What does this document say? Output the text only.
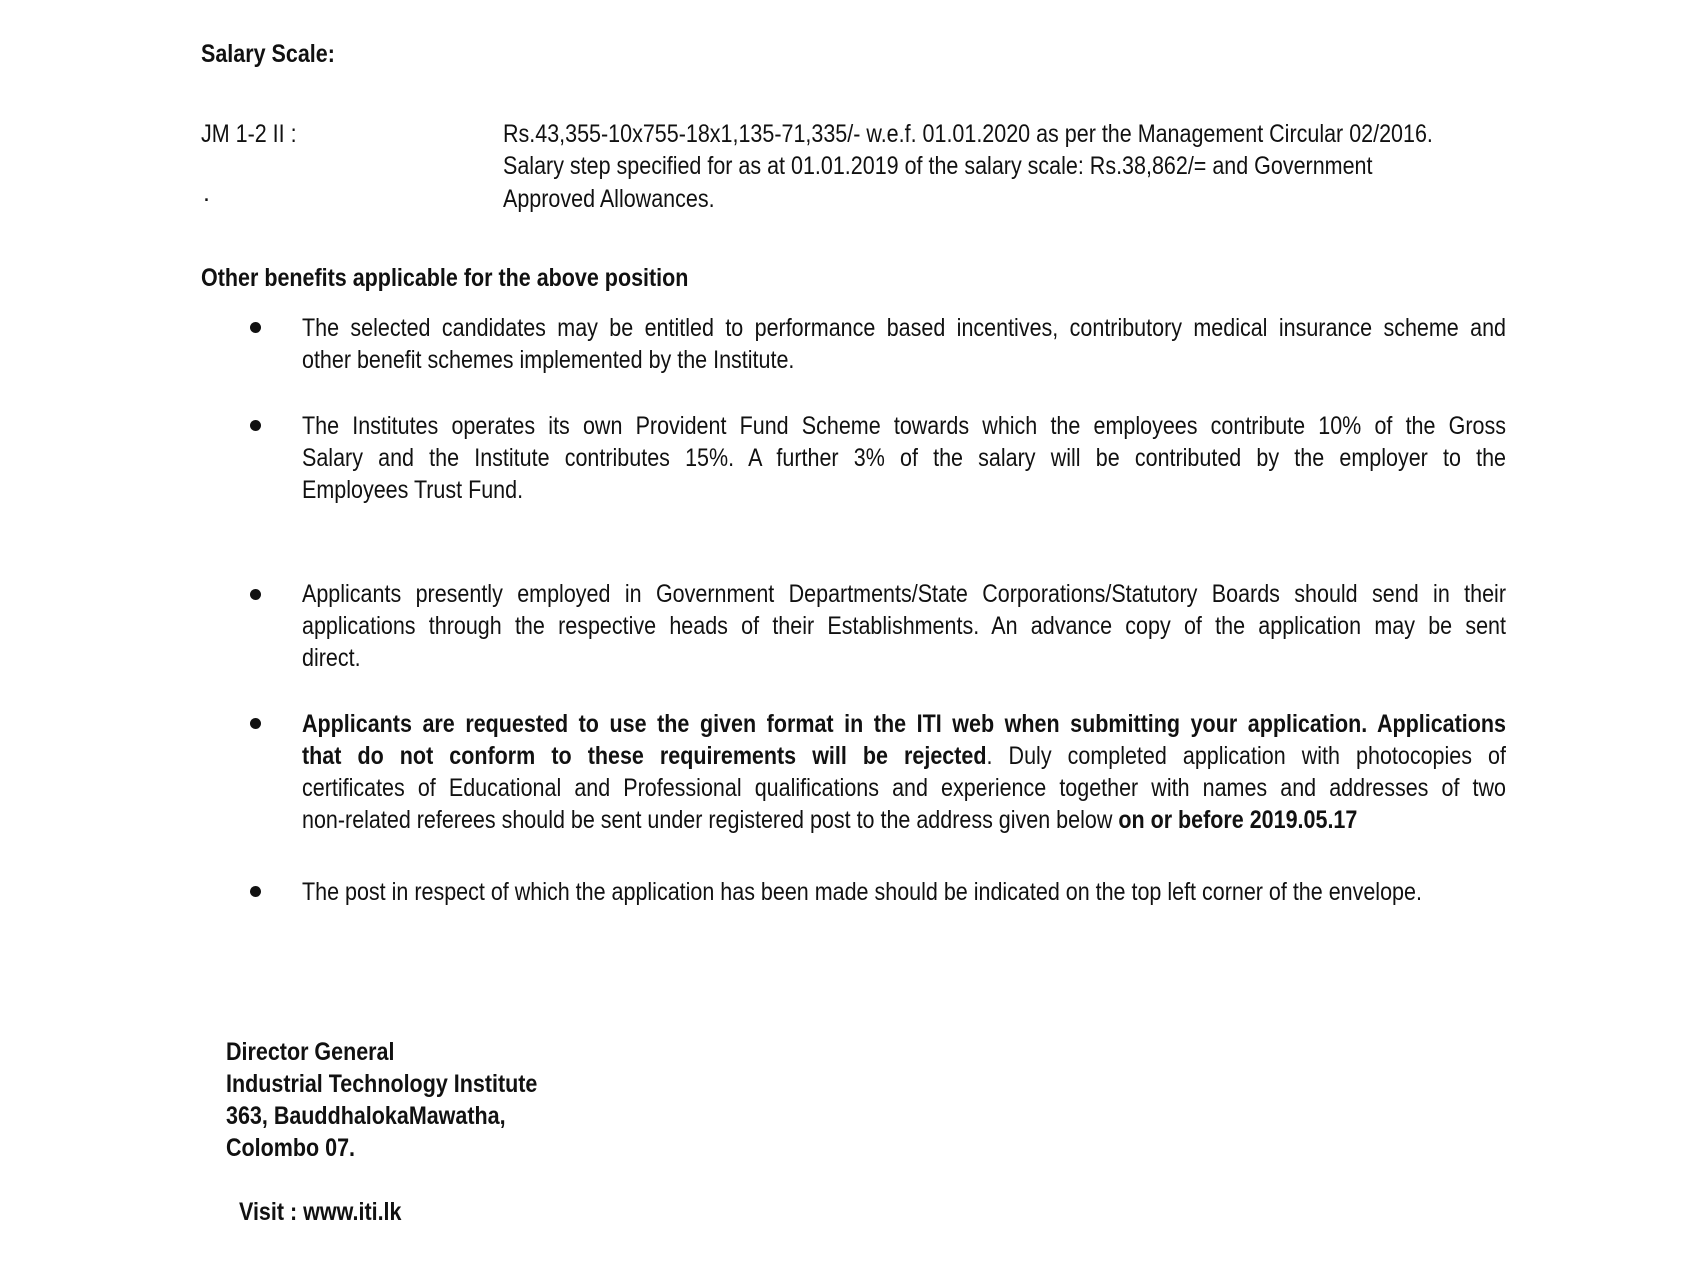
Salary Scale:
JM 1-2 II :
.
Rs.43,355-10x755-18x1,135-71,335/- w.e.f. 01.01.2020 as per the Management Circular 02/2016.
Salary step specified for as at 01.01.2019 of the salary scale: Rs.38,862/= and Government
Approved Allowances.
Other benefits applicable for the above position
The selected candidates may be entitled to performance based incentives, contributory medical insurance scheme and
other benefit schemes implemented by the Institute.
The Institutes operates its own Provident Fund Scheme towards which the employees contribute 10% of the Gross
Salary and the Institute contributes 15%. A further 3% of the salary will be contributed by the employer to the
Employees Trust Fund.
Applicants presently employed in Government Departments/State Corporations/Statutory Boards should send in their
applications through the respective heads of their Establishments. An advance copy of the application may be sent
direct.
Applicants are requested to use the given format in the ITI web when submitting your application. Applications
that do not conform to these requirements will be rejected. Duly completed application with photocopies of
certificates of Educational and Professional qualifications and experience together with names and addresses of two
non-related referees should be sent under registered post to the address given below on or before 2019.05.17
The post in respect of which the application has been made should be indicated on the top left corner of the envelope.
Director General
Industrial Technology Institute
363, BauddhalokaMawatha,
Colombo 07.
Visit : www.iti.lk
